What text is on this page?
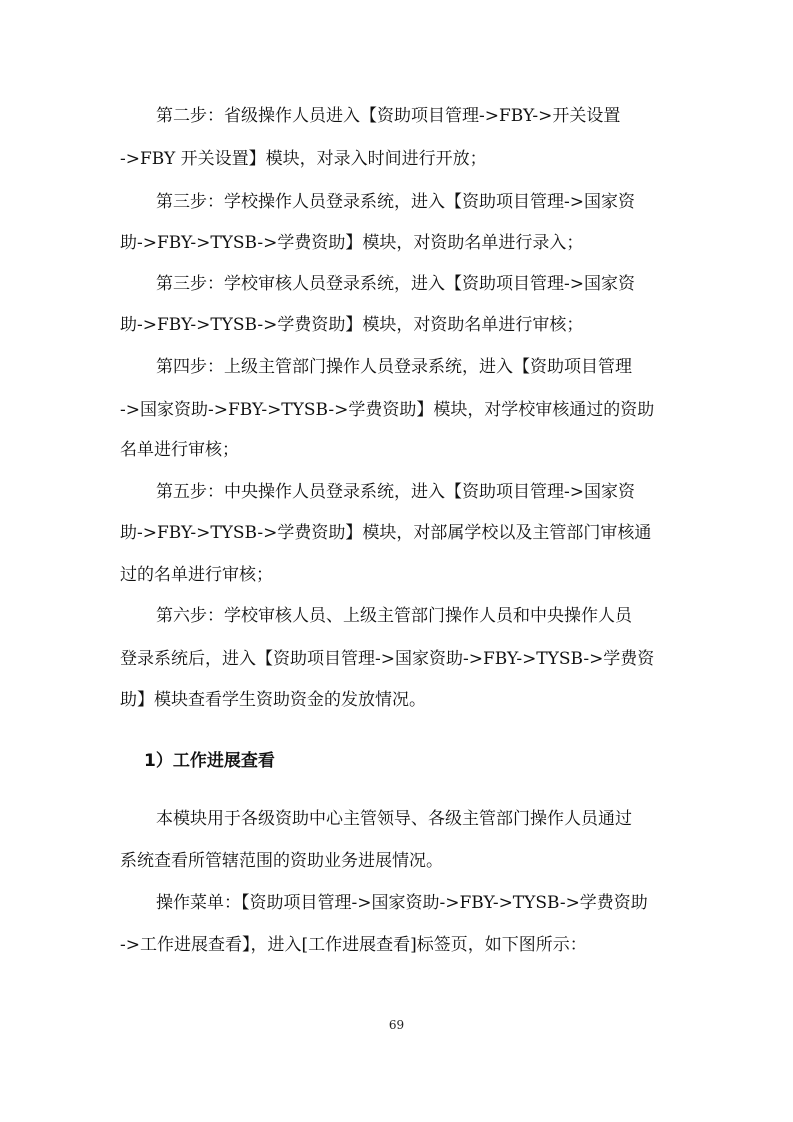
第二步：省级操作人员进入【资助项目管理->FBY->开关设置

->FBY 开关设置】模块，对录入时间进行开放；

第三步：学校操作人员登录系统，进入【资助项目管理->国家资

助->FBY->TYSB->学费资助】模块，对资助名单进行录入；

第三步：学校审核人员登录系统，进入【资助项目管理->国家资

助->FBY->TYSB->学费资助】模块，对资助名单进行审核；

第四步：上级主管部门操作人员登录系统，进入【资助项目管理

->国家资助->FBY->TYSB->学费资助】模块，对学校审核通过的资助

名单进行审核；

第五步：中央操作人员登录系统，进入【资助项目管理->国家资

助->FBY->TYSB->学费资助】模块，对部属学校以及主管部门审核通

过的名单进行审核；

第六步：学校审核人员、上级主管部门操作人员和中央操作人员

登录系统后，进入【资助项目管理->国家资助->FBY->TYSB->学费资

助】模块查看学生资助资金的发放情况。

1）工作进展查看

本模块用于各级资助中心主管领导、各级主管部门操作人员通过

系统查看所管辖范围的资助业务进展情况。

操作菜单：【资助项目管理->国家资助->FBY->TYSB->学费资助

->工作进展查看】，进入[工作进展查看]标签页，如下图所示：

69
